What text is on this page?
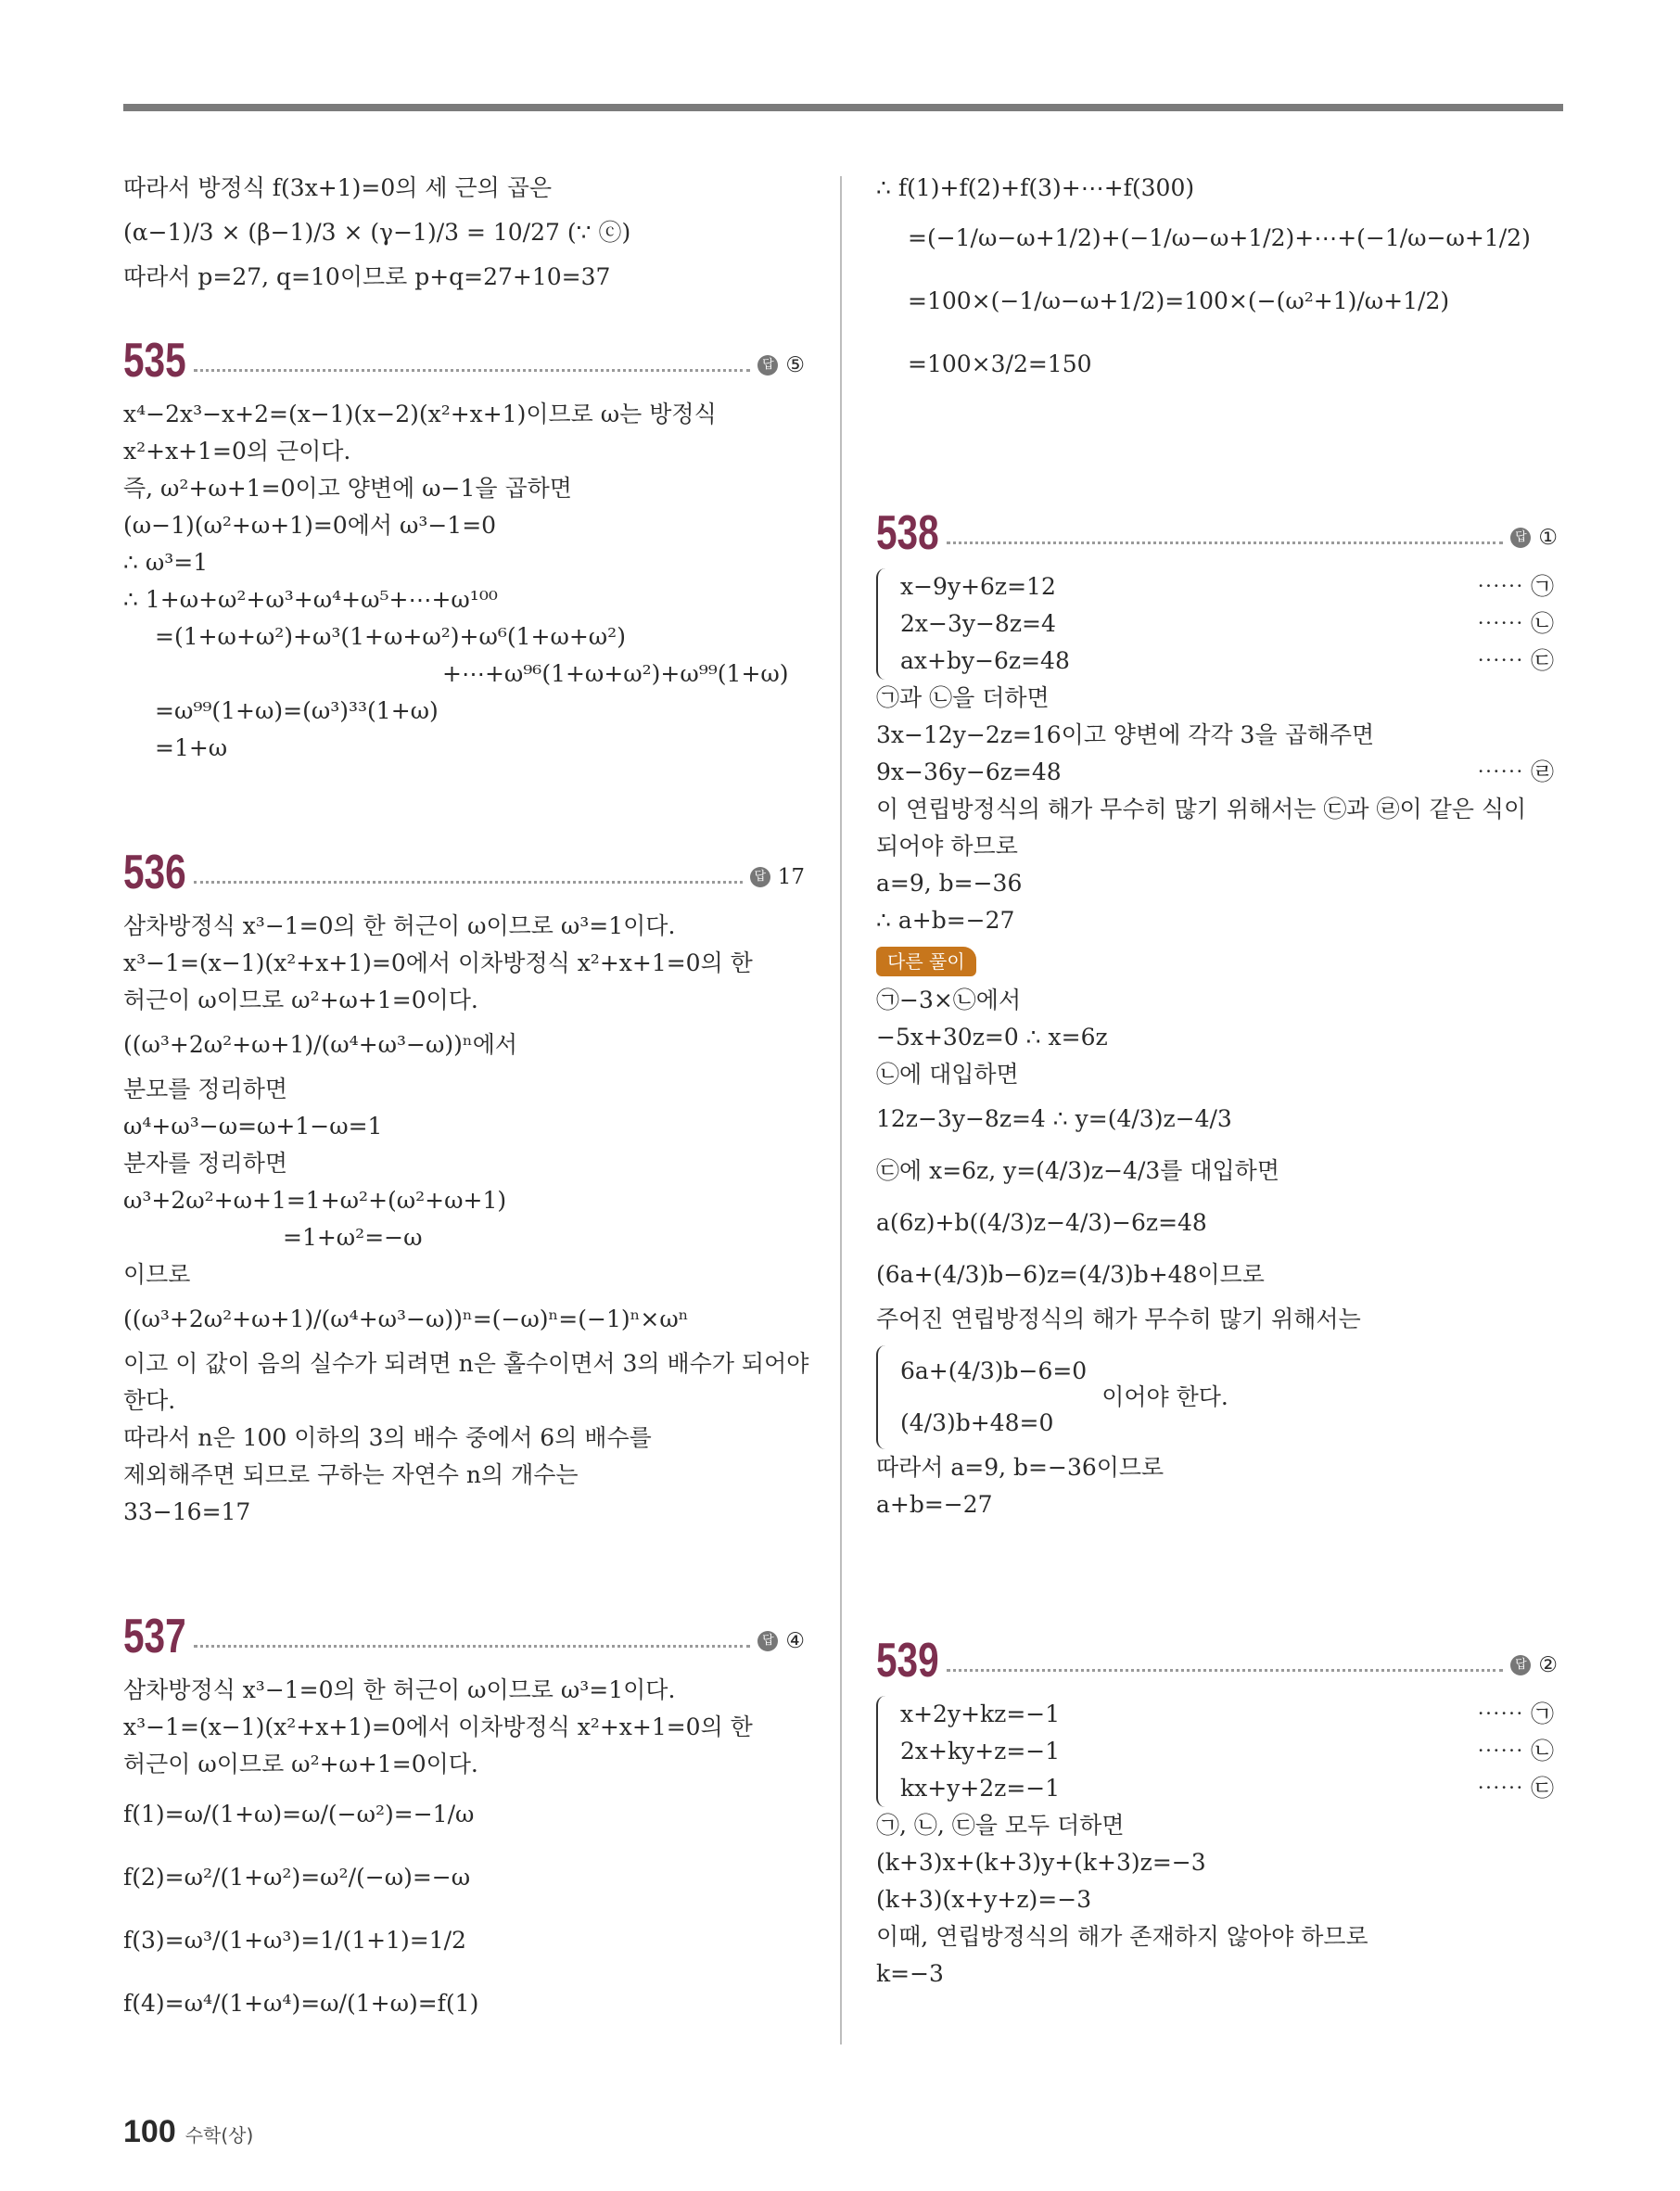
따라서 방정식 f(3x+1)=0의 세 근의 곱은
(α−1)/3 × (β−1)/3 × (γ−1)/3 = 10/27 (∵ ⓒ)
따라서 p=27, q=10이므로 p+q=27+10=37
535	답 ⑤
x⁴−2x³−x+2=(x−1)(x−2)(x²+x+1)이므로 ω는 방정식
x²+x+1=0의 근이다.
즉, ω²+ω+1=0이고 양변에 ω−1을 곱하면
(ω−1)(ω²+ω+1)=0에서 ω³−1=0
∴ ω³=1
∴ 1+ω+ω²+ω³+ω⁴+ω⁵+⋯+ω¹⁰⁰
=(1+ω+ω²)+ω³(1+ω+ω²)+ω⁶(1+ω+ω²)
+⋯+ω⁹⁶(1+ω+ω²)+ω⁹⁹(1+ω)
=ω⁹⁹(1+ω)=(ω³)³³(1+ω)
=1+ω
536	답 17
삼차방정식 x³−1=0의 한 허근이 ω이므로 ω³=1이다.
x³−1=(x−1)(x²+x+1)=0에서 이차방정식 x²+x+1=0의 한
허근이 ω이므로 ω²+ω+1=0이다.
((ω³+2ω²+ω+1)/(ω⁴+ω³−ω))ⁿ에서
분모를 정리하면
ω⁴+ω³−ω=ω+1−ω=1
분자를 정리하면
ω³+2ω²+ω+1=1+ω²+(ω²+ω+1)
=1+ω²=−ω
이므로
((ω³+2ω²+ω+1)/(ω⁴+ω³−ω))ⁿ=(−ω)ⁿ=(−1)ⁿ×ωⁿ
이고 이 값이 음의 실수가 되려면 n은 홀수이면서 3의 배수가 되어야
한다.
따라서 n은 100 이하의 3의 배수 중에서 6의 배수를
제외해주면 되므로 구하는 자연수 n의 개수는
33−16=17
537	답 ④
삼차방정식 x³−1=0의 한 허근이 ω이므로 ω³=1이다.
x³−1=(x−1)(x²+x+1)=0에서 이차방정식 x²+x+1=0의 한
허근이 ω이므로 ω²+ω+1=0이다.
f(1)=ω/(1+ω)=ω/(−ω²)=−1/ω
f(2)=ω²/(1+ω²)=ω²/(−ω)=−ω
f(3)=ω³/(1+ω³)=1/(1+1)=1/2
f(4)=ω⁴/(1+ω⁴)=ω/(1+ω)=f(1)
∴ f(1)+f(2)+f(3)+⋯+f(300)
=(−1/ω−ω+1/2)+(−1/ω−ω+1/2)+⋯+(−1/ω−ω+1/2)
=100×(−1/ω−ω+1/2)=100×(−(ω²+1)/ω+1/2)
=100×3/2=150
538	답 ①
x−9y+6z=12	⋯⋯ ㉠
2x−3y−8z=4	⋯⋯ ㉡
ax+by−6z=48	⋯⋯ ㉢
㉠과 ㉡을 더하면
3x−12y−2z=16이고 양변에 각각 3을 곱해주면
9x−36y−6z=48	⋯⋯ ㉣
이 연립방정식의 해가 무수히 많기 위해서는 ㉢과 ㉣이 같은 식이
되어야 하므로
a=9, b=−36
∴ a+b=−27
다른 풀이
㉠−3×㉡에서
−5x+30z=0 ∴ x=6z
㉡에 대입하면
12z−3y−8z=4 ∴ y=(4/3)z−4/3
㉢에 x=6z, y=(4/3)z−4/3를 대입하면
a(6z)+b((4/3)z−4/3)−6z=48
(6a+(4/3)b−6)z=(4/3)b+48이므로
주어진 연립방정식의 해가 무수히 많기 위해서는
6a+(4/3)b−6=0
(4/3)b+48=0
이어야 한다.
따라서 a=9, b=−36이므로
a+b=−27
539	답 ②
x+2y+kz=−1	⋯⋯ ㉠
2x+ky+z=−1	⋯⋯ ㉡
kx+y+2z=−1	⋯⋯ ㉢
㉠, ㉡, ㉢을 모두 더하면
(k+3)x+(k+3)y+(k+3)z=−3
(k+3)(x+y+z)=−3
이때, 연립방정식의 해가 존재하지 않아야 하므로
k=−3
100 수학(상)
